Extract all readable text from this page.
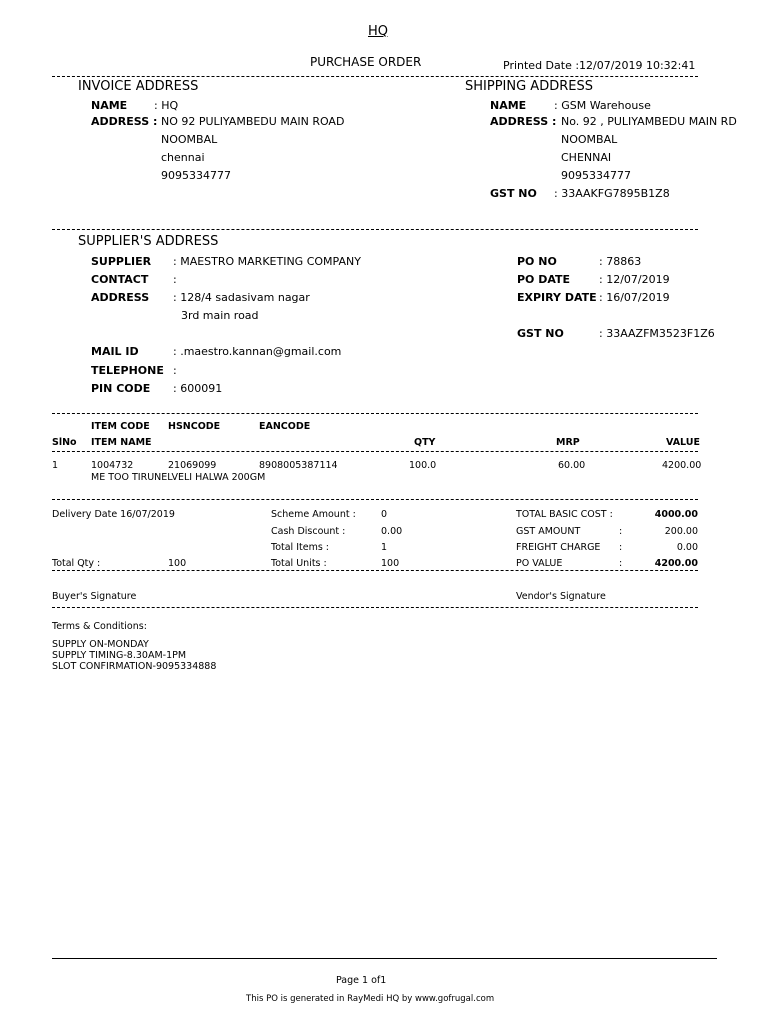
HQ
PURCHASE ORDER	Printed Date :12/07/2019 10:32:41
INVOICE ADDRESS
NAME : HQ
ADDRESS : NO 92 PULIYAMBEDU MAIN ROAD
NOOMBAL
chennai
9095334777
SHIPPING ADDRESS
NAME	: GSM Warehouse
ADDRESS : No. 92 , PULIYAMBEDU MAIN RD
NOOMBAL
CHENNAI
9095334777
GST NO : 33AAKFG7895B1Z8
SUPPLIER'S ADDRESS
SUPPLIER : MAESTRO MARKETING COMPANY
CONTACT :
ADDRESS : 128/4 sadasivam nagar
3rd main road
MAIL ID	: .maestro.kannan@gmail.com
TELEPHONE :
PIN CODE : 600091
PO NO	: 78863
PO DATE	: 12/07/2019
EXPIRY DATE : 16/07/2019
GST NO	: 33AAZFM3523F1Z6
ITEM CODE HSNCODE	EANCODE
SlNo ITEM NAME	QTY	MRP	VALUE
1	1004732	21069099	8908005387114	100.0	60.00	4200.00
ME TOO TIRUNELVELI HALWA 200GM
Delivery Date 16/07/2019
Total Qty :	100
Scheme Amount :	0
Cash Discount :	0.00
Total Items :	1
Total Units :	100
TOTAL BASIC COST :	4000.00
GST AMOUNT	:	200.00
FREIGHT CHARGE :	0.00
PO VALUE	:	4200.00
Buyer's Signature	Vendor's Signature
Terms & Conditions:
SUPPLY ON-MONDAY
SUPPLY TIMING-8.30AM-1PM
SLOT CONFIRMATION-9095334888
Page 1 of1
This PO is generated in RayMedi HQ by www.gofrugal.com
